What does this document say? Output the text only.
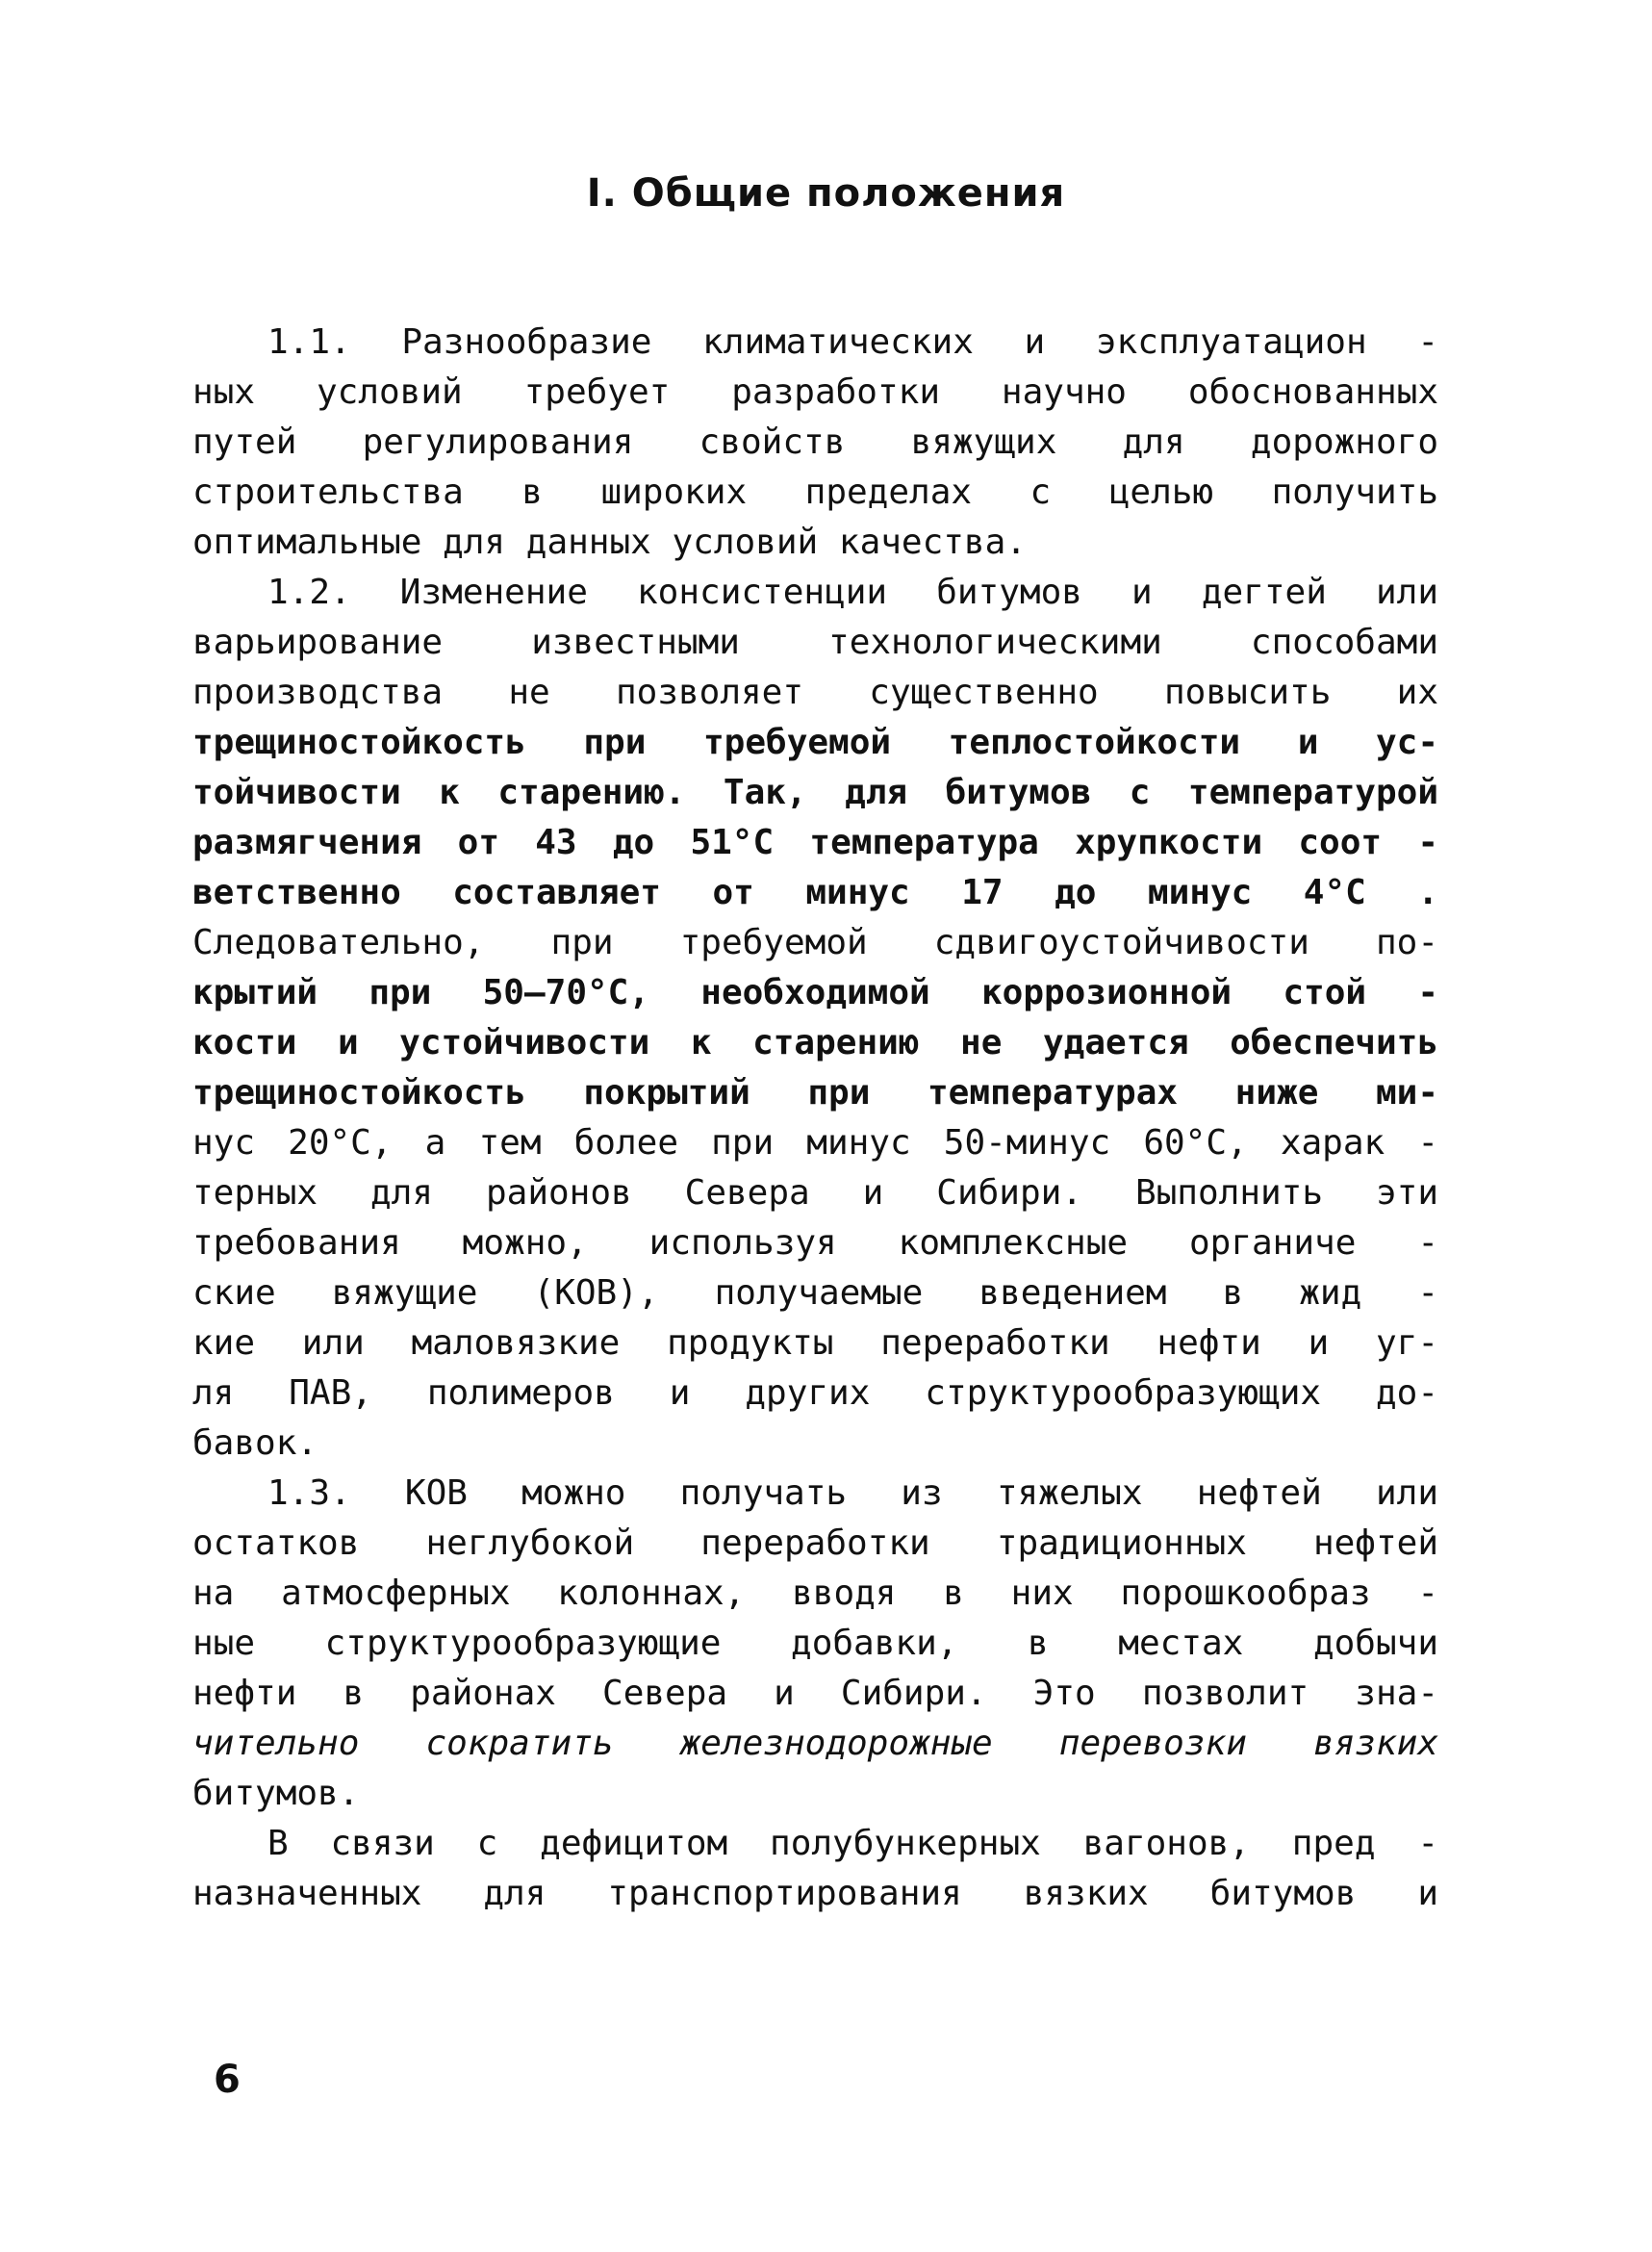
I. Общие положения

1.1. Разнообразие климатических и эксплуатацион -
ных условий требует разработки научно обоснованных
путей регулирования свойств вяжущих для дорожного
строительства в широких пределах с целью получить
оптимальные для данных условий качества.

1.2. Изменение консистенции битумов и дегтей или
варьирование известными технологическими способами
производства не позволяет существенно повысить их
трещиностойкость при требуемой теплостойкости и ус-
тойчивости к старению. Так, для битумов с температурой
размягчения от 43 до 51°С температура хрупкости соот -
ветственно составляет от минус 17 до минус 4°С .
Следовательно, при требуемой сдвигоустойчивости по-
крытий при 50–70°С, необходимой коррозионной стой -
кости и устойчивости к старению не удается обеспечить
трещиностойкость покрытий при температурах ниже ми-
нус 20°С, а тем более при минус 50-минус 60°С, харак -
терных для районов Севера и Сибири. Выполнить эти
требования можно, используя комплексные органиче -
ские вяжущие (КОВ), получаемые введением в жид -
кие или маловязкие продукты переработки нефти и уг-
ля ПАВ, полимеров и других структурообразующих до-
бавок.

1.3. КОВ можно получать из тяжелых нефтей или
остатков неглубокой переработки традиционных нефтей
на атмосферных колоннах, вводя в них порошкообраз -
ные структурообразующие добавки, в местах добычи
нефти в районах Севера и Сибири. Это позволит зна-
чительно сократить железнодорожные перевозки вязких
битумов.

В связи с дефицитом полубункерных вагонов, пред -
назначенных для транспортирования вязких битумов и

6
